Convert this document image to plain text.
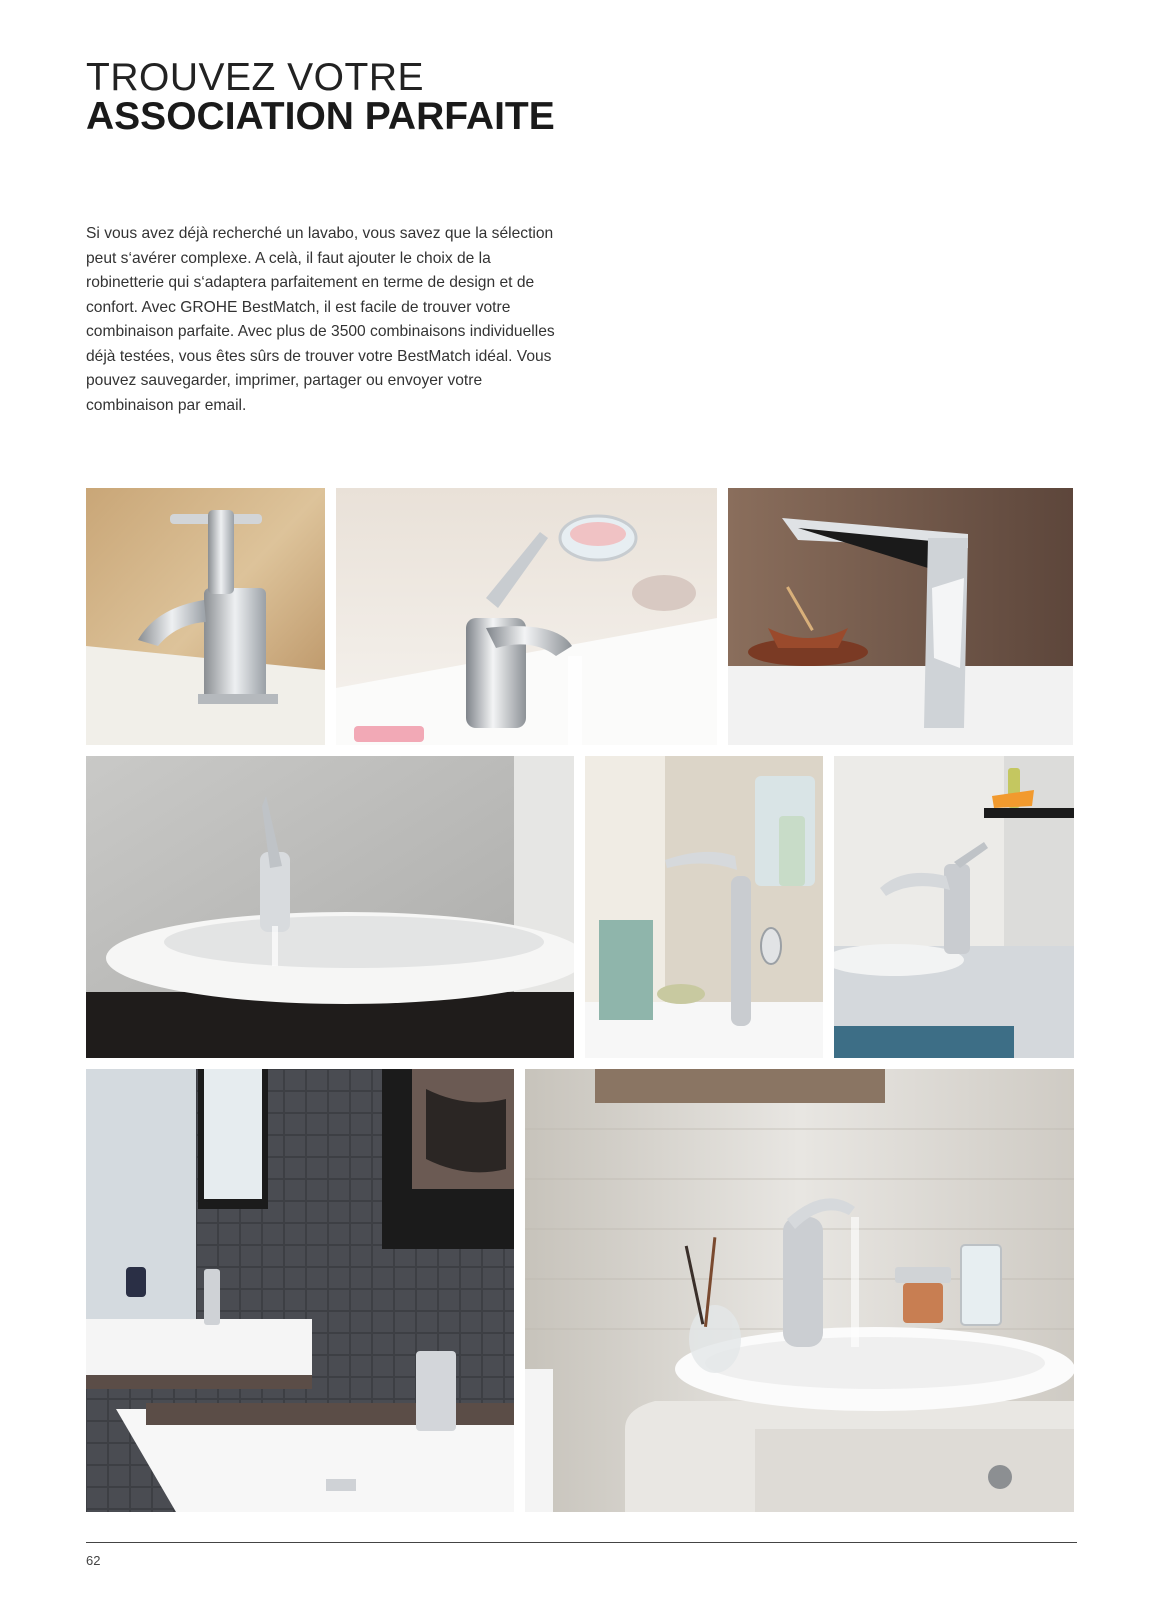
TROUVEZ VOTRE
ASSOCIATION PARFAITE

Si vous avez déjà recherché un lavabo, vous savez que la sélection peut s‘avérer complexe. A celà, il faut ajouter le choix de la robinetterie qui s‘adaptera parfaitement en terme de design et de confort. Avec GROHE BestMatch, il est facile de trouver votre combinaison parfaite. Avec plus de 3500 combinaisons individuelles déjà testées, vous êtes sûrs de trouver votre BestMatch idéal. Vous pouvez sauvegarder, imprimer, partager ou envoyer votre combinaison par email.

62
